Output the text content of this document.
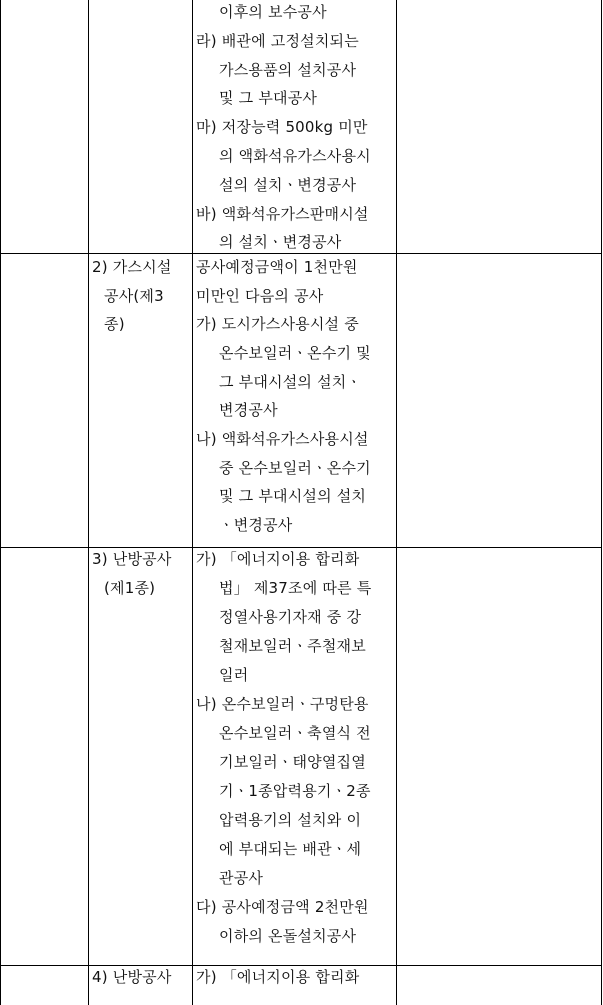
이후의 보수공사
라) 배관에 고정설치되는
가스용품의 설치공사
및 그 부대공사
마) 저장능력 500kg 미만
의 액화석유가스사용시
설의 설치ㆍ변경공사
바) 액화석유가스판매시설
의 설치ㆍ변경공사
2) 가스시설
공사(제3
종)
공사예정금액이 1천만원
미만인 다음의 공사
가) 도시가스사용시설 중
온수보일러ㆍ온수기 및
그 부대시설의 설치ㆍ
변경공사
나) 액화석유가스사용시설
중 온수보일러ㆍ온수기
및 그 부대시설의 설치
ㆍ변경공사
3) 난방공사
(제1종)
가) 「에너지이용 합리화
법」 제37조에 따른 특
정열사용기자재 중 강
철재보일러ㆍ주철재보
일러
나) 온수보일러ㆍ구멍탄용
온수보일러ㆍ축열식 전
기보일러ㆍ태양열집열
기ㆍ1종압력용기ㆍ2종
압력용기의 설치와 이
에 부대되는 배관ㆍ세
관공사
다) 공사예정금액 2천만원
이하의 온돌설치공사
4) 난방공사 가) 「에너지이용 합리화
